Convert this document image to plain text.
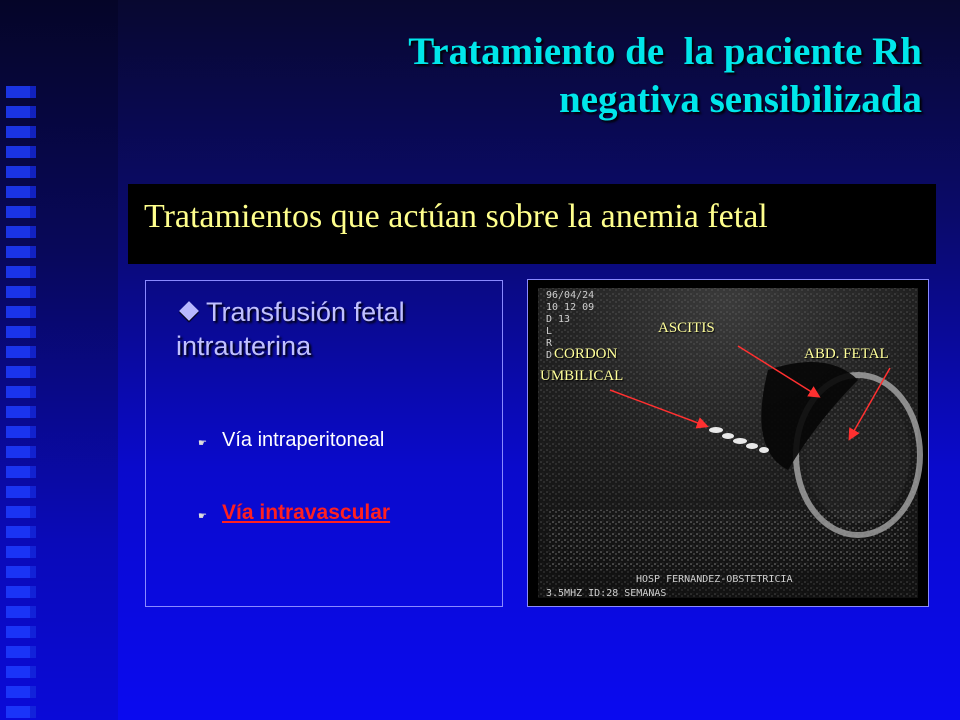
Tratamiento de  la paciente Rh
negativa sensibilizada
Tratamientos que actúan sobre la anemia fetal
Transfusión fetal intrauterina
☛ Vía intraperitoneal
☛ Vía intravascular
96/04/24
10 12 09
D 13
L
R
D
HOSP FERNANDEZ-OBSTETRICIA
3.5MHZ ID:28 SEMANAS
ASCITIS
CORDON
UMBILICAL
ABD. FETAL
